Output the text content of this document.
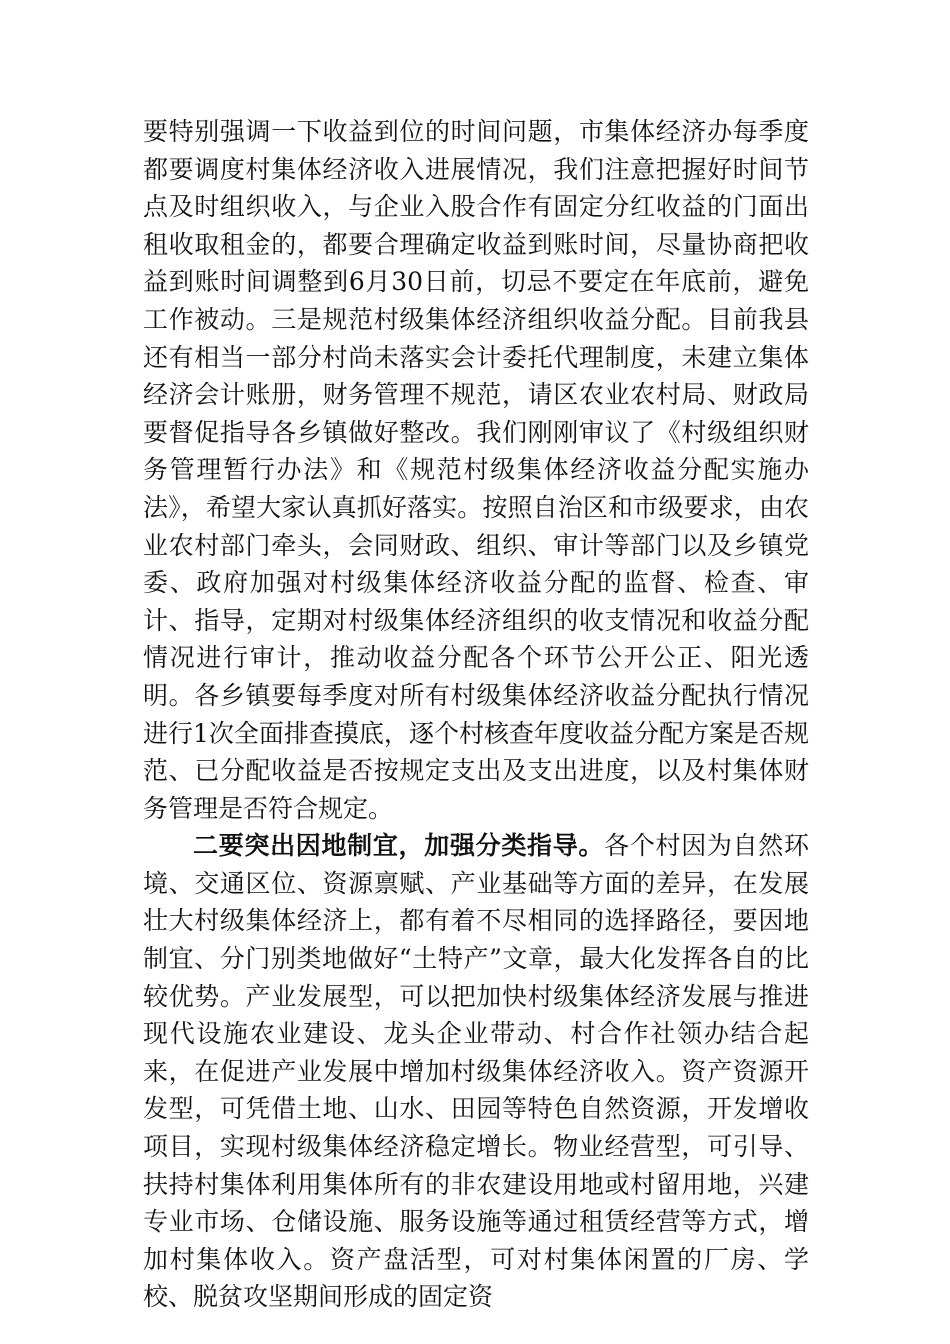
要特别强调一下收益到位的时间问题，市集体经济办每季度都要调度村集体经济收入进展情况，我们注意把握好时间节点及时组织收入，与企业入股合作有固定分红收益的门面出租收取租金的，都要合理确定收益到账时间，尽量协商把收益到账时间调整到6月30日前，切忌不要定在年底前，避免工作被动。三是规范村级集体经济组织收益分配。目前我县还有相当一部分村尚未落实会计委托代理制度，未建立集体经济会计账册，财务管理不规范，请区农业农村局、财政局要督促指导各乡镇做好整改。我们刚刚审议了《村级组织财务管理暂行办法》和《规范村级集体经济收益分配实施办法》，希望大家认真抓好落实。按照自治区和市级要求，由农业农村部门牵头，会同财政、组织、审计等部门以及乡镇党委、政府加强对村级集体经济收益分配的监督、检查、审计、指导，定期对村级集体经济组织的收支情况和收益分配情况进行审计，推动收益分配各个环节公开公正、阳光透明。各乡镇要每季度对所有村级集体经济收益分配执行情况进行1次全面排查摸底，逐个村核查年度收益分配方案是否规范、已分配收益是否按规定支出及支出进度，以及村集体财务管理是否符合规定。

二要突出因地制宜，加强分类指导。各个村因为自然环境、交通区位、资源禀赋、产业基础等方面的差异，在发展壮大村级集体经济上，都有着不尽相同的选择路径，要因地制宜、分门别类地做好“土特产”文章，最大化发挥各自的比较优势。产业发展型，可以把加快村级集体经济发展与推进现代设施农业建设、龙头企业带动、村合作社领办结合起来，在促进产业发展中增加村级集体经济收入。资产资源开发型，可凭借土地、山水、田园等特色自然资源，开发增收项目，实现村级集体经济稳定增长。物业经营型，可引导、扶持村集体利用集体所有的非农建设用地或村留用地，兴建专业市场、仓储设施、服务设施等通过租赁经营等方式，增加村集体收入。资产盘活型，可对村集体闲置的厂房、学校、脱贫攻坚期间形成的固定资
